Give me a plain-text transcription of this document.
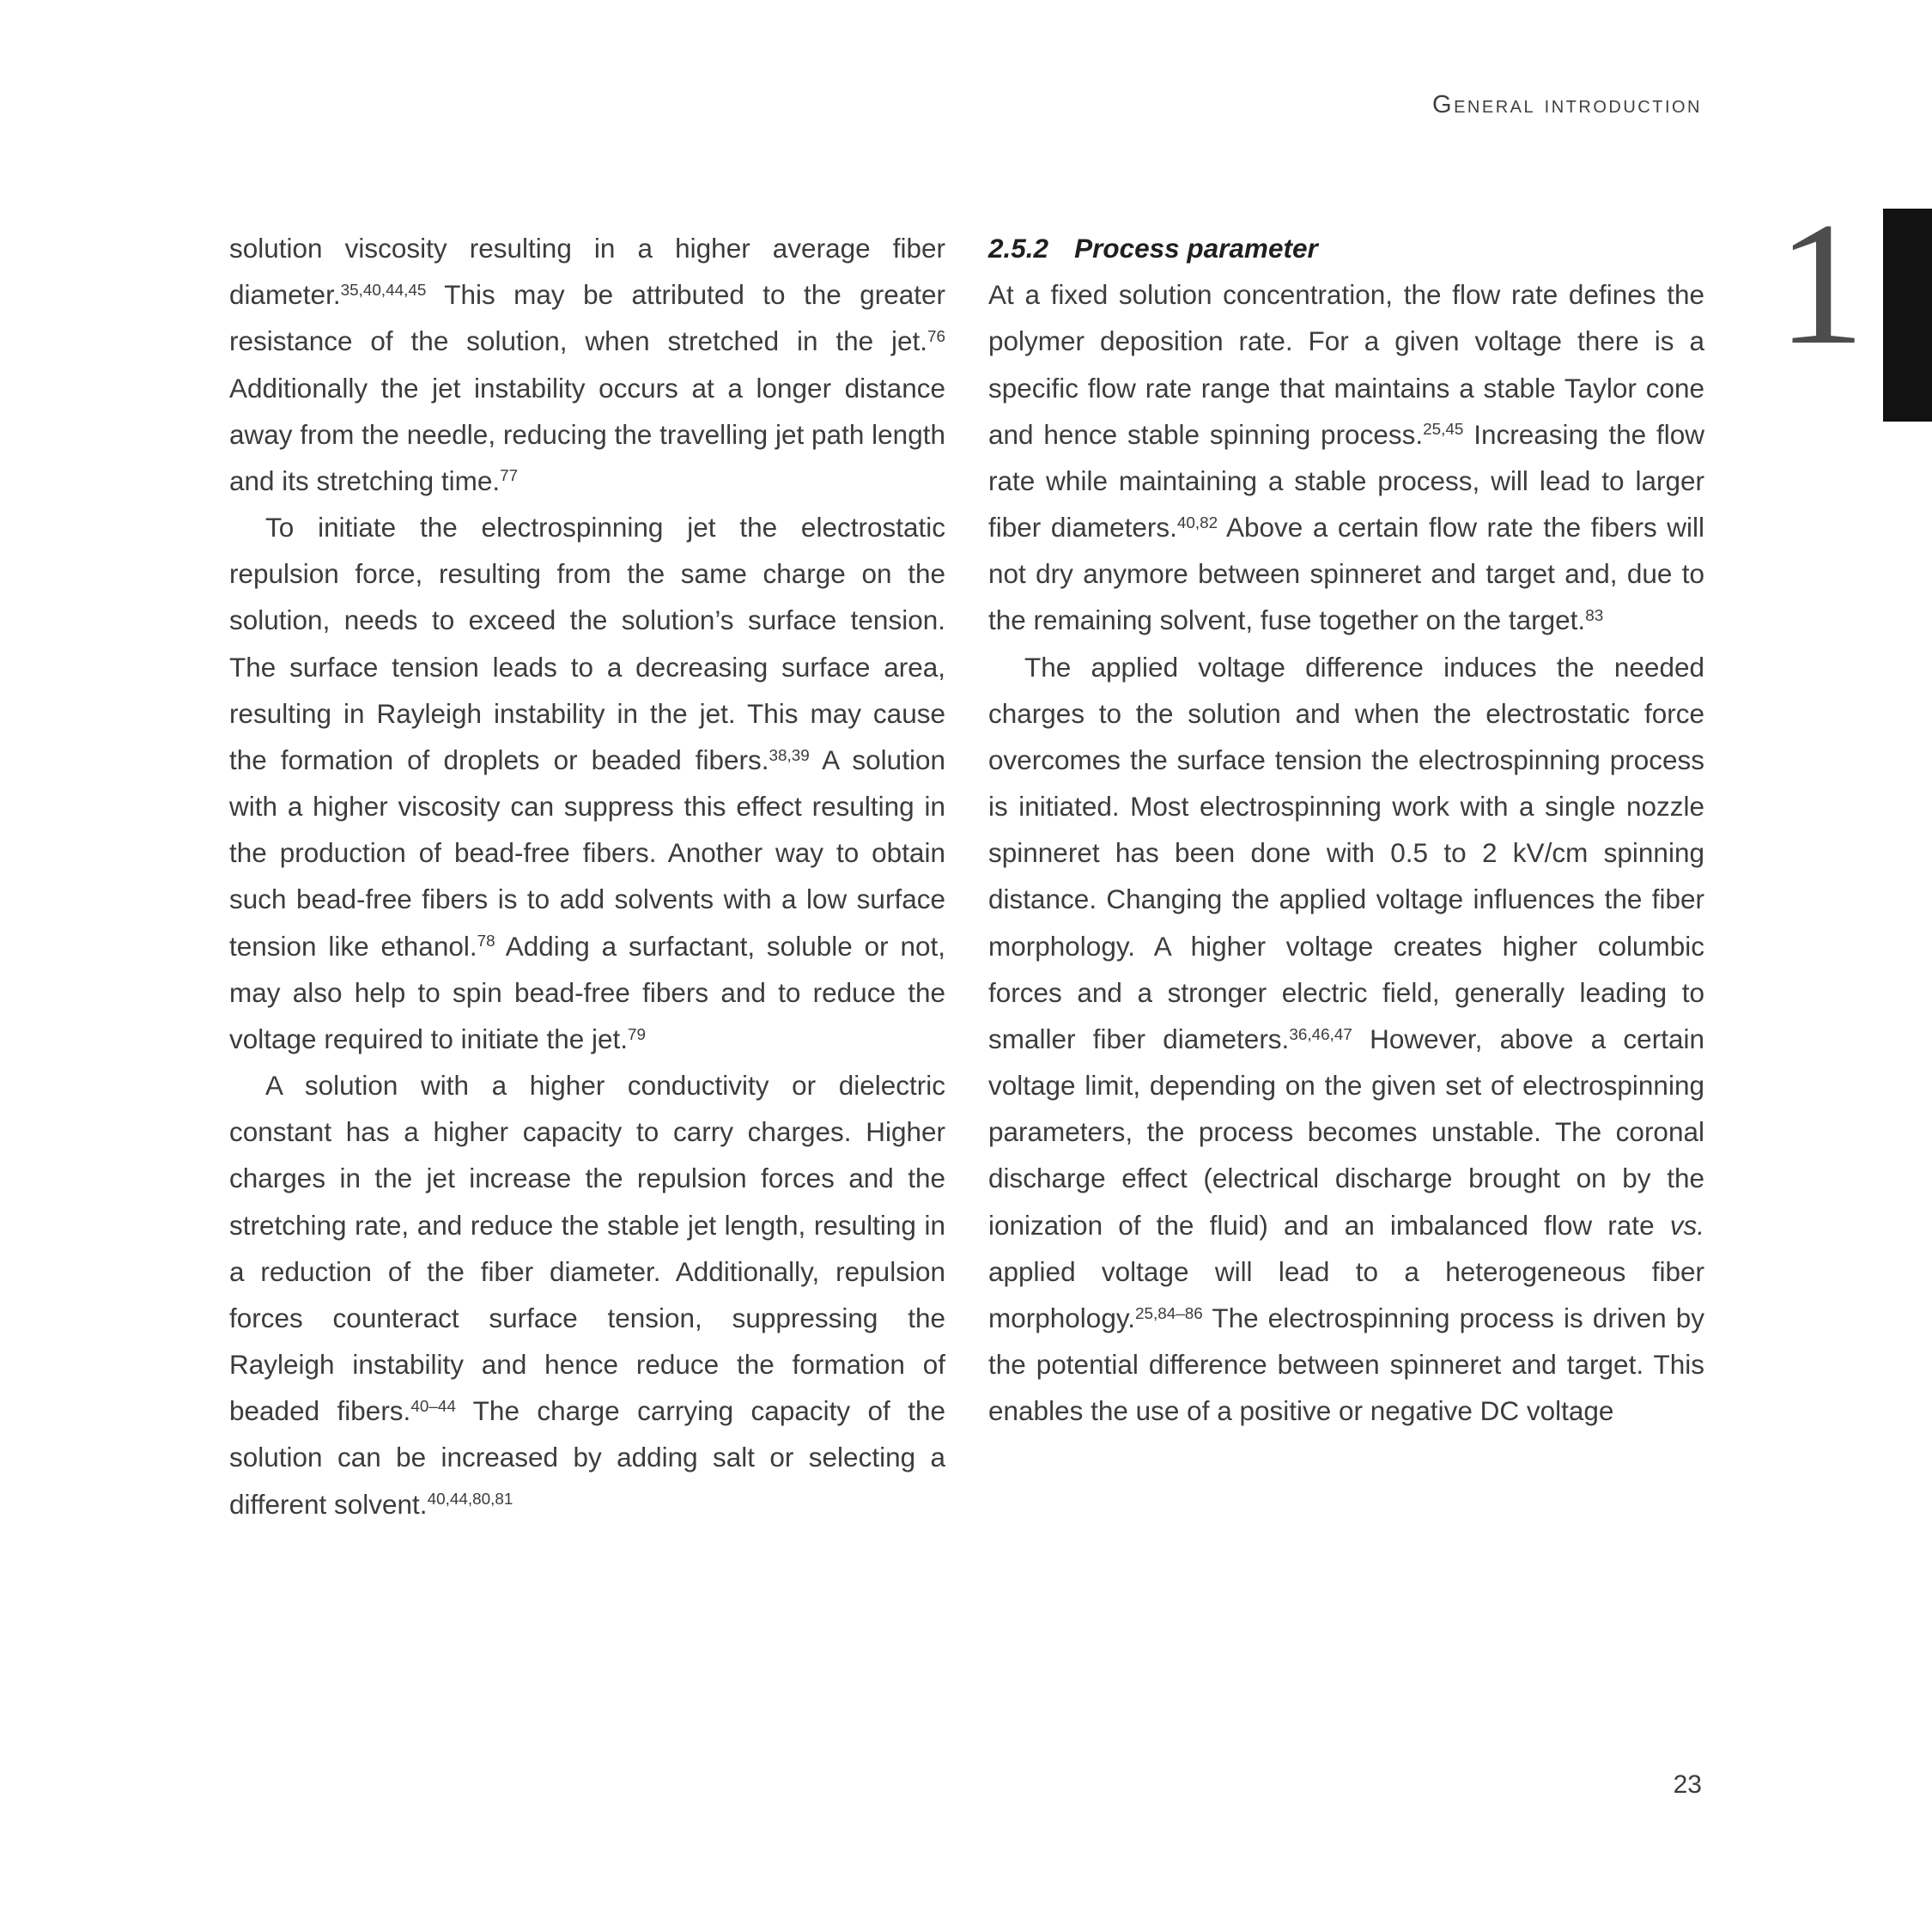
General introduction
1

solution viscosity resulting in a higher average fiber diameter.$^{35,40,44,45}$ This may be attributed to the greater resistance of the solution, when stretched in the jet.$^{76}$ Additionally the jet instability occurs at a longer distance away from the needle, reducing the travelling jet path length and its stretching time.$^{77}$

To initiate the electrospinning jet the electrostatic repulsion force, resulting from the same charge on the solution, needs to exceed the solution’s surface tension. The surface tension leads to a decreasing surface area, resulting in Rayleigh instability in the jet. This may cause the formation of droplets or beaded fibers.$^{38,39}$ A solution with a higher viscosity can suppress this effect resulting in the production of bead-free fibers. Another way to obtain such bead-free fibers is to add solvents with a low surface tension like ethanol.$^{78}$ Adding a surfactant, soluble or not, may also help to spin bead-free fibers and to reduce the voltage required to initiate the jet.$^{79}$

A solution with a higher conductivity or dielectric constant has a higher capacity to carry charges. Higher charges in the jet increase the repulsion forces and the stretching rate, and reduce the stable jet length, resulting in a reduction of the fiber diameter. Additionally, repulsion forces counteract surface tension, suppressing the Rayleigh instability and hence reduce the formation of beaded fibers.$^{40-44}$ The charge carrying capacity of the solution can be increased by adding salt or selecting a different solvent.$^{40,44,80,81}$

2.5.2 Process parameter

At a fixed solution concentration, the flow rate defines the polymer deposition rate. For a given voltage there is a specific flow rate range that maintains a stable Taylor cone and hence stable spinning process.$^{25,45}$ Increasing the flow rate while maintaining a stable process, will lead to larger fiber diameters.$^{40,82}$ Above a certain flow rate the fibers will not dry anymore between spinneret and target and, due to the remaining solvent, fuse together on the target.$^{83}$

The applied voltage difference induces the needed charges to the solution and when the electrostatic force overcomes the surface tension the electrospinning process is initiated. Most electrospinning work with a single nozzle spinneret has been done with 0.5 to 2 kV/cm spinning distance. Changing the applied voltage influences the fiber morphology. A higher voltage creates higher columbic forces and a stronger electric field, generally leading to smaller fiber diameters.$^{36,46,47}$ However, above a certain voltage limit, depending on the given set of electrospinning parameters, the process becomes unstable. The coronal discharge effect (electrical discharge brought on by the ionization of the fluid) and an imbalanced flow rate vs. applied voltage will lead to a heterogeneous fiber morphology.$^{25,84-86}$ The electrospinning process is driven by the potential difference between spinneret and target. This enables the use of a positive or negative DC voltage

23
